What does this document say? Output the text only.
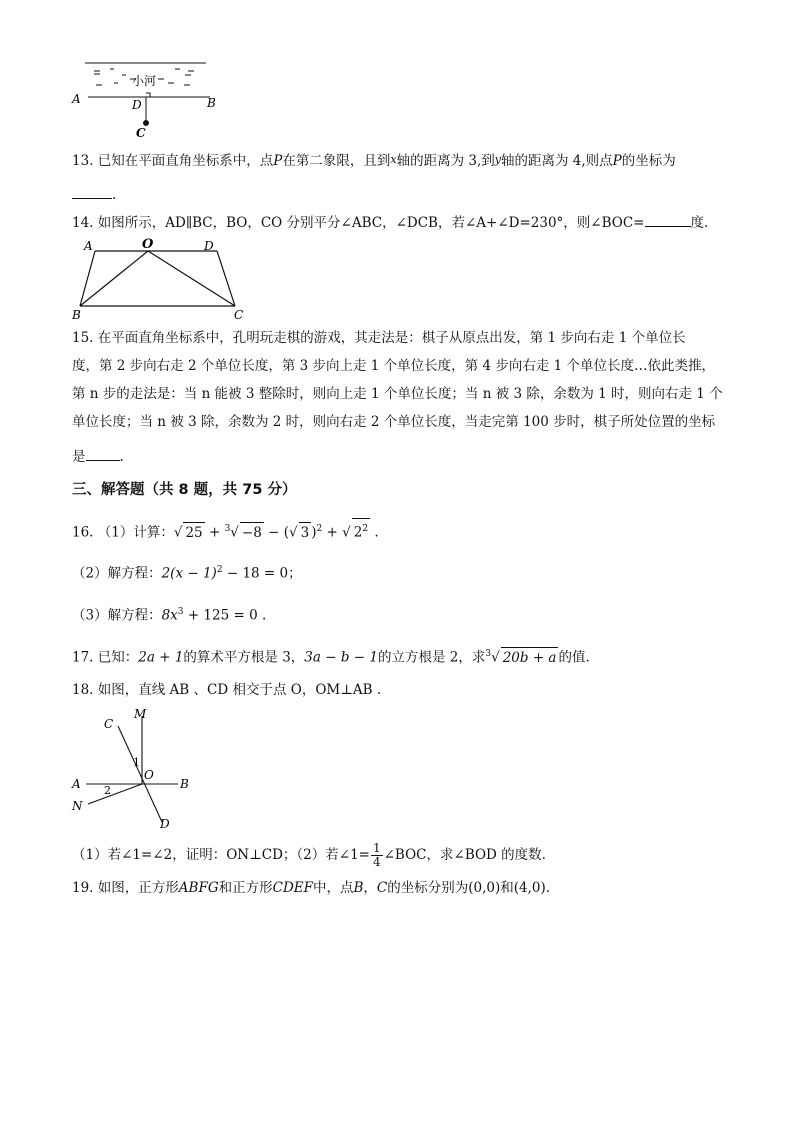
小河
A	D	B
C
13. 已知在平面直角坐标系中，点P在第二象限，且到x轴的距离为 3,到y轴的距离为 4,则点P的坐标为
.
14. 如图所示，AD∥BC，BO，CO 分别平分∠ABC，∠DCB，若∠A+∠D=230°，则∠BOC=	度.
A	O	D
B	C
15. 在平面直角坐标系中，孔明玩走棋的游戏，其走法是：棋子从原点出发，第 1 步向右走 1 个单位长
度，第 2 步向右走 2 个单位长度，第 3 步向上走 1 个单位长度，第 4 步向右走 1 个单位长度…依此类推，
第 n 步的走法是：当 n 能被 3 整除时，则向上走 1 个单位长度；当 n 被 3 除，余数为 1 时，则向右走 1 个
单位长度；当 n 被 3 除，余数为 2 时，则向右走 2 个单位长度，当走完第 100 步时，棋子所处位置的坐标
是	.
三、解答题（共 8 题，共 75 分）
16. （1）计算：√ 25 + $^3$√ −8 − (√ 3 )$^2$ + √ $2^2$ .
（2）解方程：$2(x - 1)^2 - 18 = 0$；
（3）解方程：$8x^3 + 125 = 0$ .
17. 已知：2a + 1的算术平方根是 3，3a − b − 1的立方根是 2，求$^3$√ 20b + a 的值.
18. 如图，直线 AB 、CD 相交于点 O，OM⊥AB .
C
M
1
O
A	B
2
N
D
（1）若∠1=∠2，证明：ON⊥CD；（2）若∠1= $\frac{1}{4}$ ∠BOC，求∠BOD 的度数.
19. 如图，正方形ABFG和正方形CDEF中，点B，C的坐标分别为(0,0)和(4,0).
